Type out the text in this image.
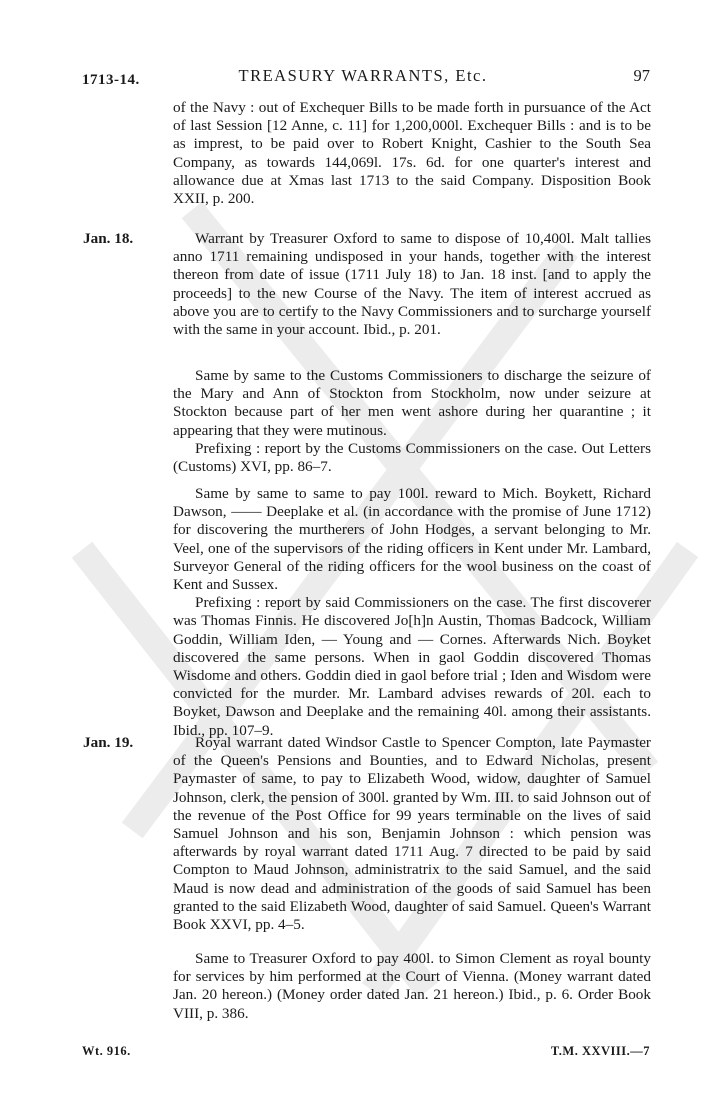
1713-14.	TREASURY WARRANTS, Etc.	97

of the Navy : out of Exchequer Bills to be made forth in pursuance of the Act of last Session [12 Anne, c. 11] for 1,200,000l. Exchequer Bills : and is to be as imprest, to be paid over to Robert Knight, Cashier to the South Sea Company, as towards 144,069l. 17s. 6d. for one quarter's interest and allowance due at Xmas last 1713 to the said Company. Disposition Book XXII, p. 200.

Jan. 18.	Warrant by Treasurer Oxford to same to dispose of 10,400l. Malt tallies anno 1711 remaining undisposed in your hands, together with the interest thereon from date of issue (1711 July 18) to Jan. 18 inst. [and to apply the proceeds] to the new Course of the Navy. The item of interest accrued as above you are to certify to the Navy Commissioners and to surcharge yourself with the same in your account. Ibid., p. 201.

Same by same to the Customs Commissioners to discharge the seizure of the Mary and Ann of Stockton from Stockholm, now under seizure at Stockton because part of her men went ashore during her quarantine ; it appearing that they were mutinous.

Prefixing : report by the Customs Commissioners on the case. Out Letters (Customs) XVI, pp. 86–7.

Same by same to same to pay 100l. reward to Mich. Boykett, Richard Dawson, —— Deeplake et al. (in accordance with the promise of June 1712) for discovering the murtherers of John Hodges, a servant belonging to Mr. Veel, one of the supervisors of the riding officers in Kent under Mr. Lambard, Surveyor General of the riding officers for the wool business on the coast of Kent and Sussex.

Prefixing : report by said Commissioners on the case. The first discoverer was Thomas Finnis. He discovered Jo[h]n Austin, Thomas Badcock, William Goddin, William Iden, — Young and — Cornes. Afterwards Nich. Boyket discovered the same persons. When in gaol Goddin discovered Thomas Wisdome and others. Goddin died in gaol before trial ; Iden and Wisdom were convicted for the murder. Mr. Lambard advises rewards of 20l. each to Boyket, Dawson and Deeplake and the remaining 40l. among their assistants. Ibid., pp. 107–9.

Jan. 19.	Royal warrant dated Windsor Castle to Spencer Compton, late Paymaster of the Queen's Pensions and Bounties, and to Edward Nicholas, present Paymaster of same, to pay to Elizabeth Wood, widow, daughter of Samuel Johnson, clerk, the pension of 300l. granted by Wm. III. to said Johnson out of the revenue of the Post Office for 99 years terminable on the lives of said Samuel Johnson and his son, Benjamin Johnson : which pension was afterwards by royal warrant dated 1711 Aug. 7 directed to be paid by said Compton to Maud Johnson, administratrix to the said Samuel, and the said Maud is now dead and administration of the goods of said Samuel has been granted to the said Elizabeth Wood, daughter of said Samuel. Queen's Warrant Book XXVI, pp. 4–5.

Same to Treasurer Oxford to pay 400l. to Simon Clement as royal bounty for services by him performed at the Court of Vienna. (Money warrant dated Jan. 20 hereon.) (Money order dated Jan. 21 hereon.) Ibid., p. 6. Order Book VIII, p. 386.

Wt. 916.	T.M. XXVIII.—7
